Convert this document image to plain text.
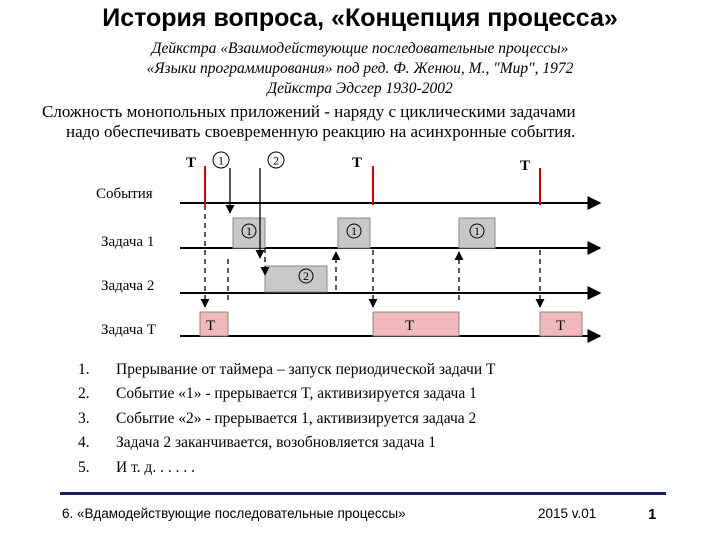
История вопроса, «Концепция процесса»
Дейкстра «Взаимодействующие последовательные процессы»
«Языки программирования» под ред. Ф. Женюи, М., "Мир", 1972
Дейкстра Эдсгер 1930-2002
Сложность монопольных приложений - наряду с циклическими задачами
надо обеспечивать своевременную реакцию на асинхронные события.
События
Задача 1
Задача 2
Задача T	T	T	T
1	1	1
2
T 1	2	T	T
1. Прерывание от таймера – запуск периодической задачи T
2. Событие «1» - прерывается T, активизируется задача 1
3. Событие «2» - прерывается 1, активизируется задача 2
4. Задача 2 заканчивается, возобновляется задача 1
5. И т. д. . . . . .
6. «Вдамодействующие последовательные процессы»	2015 v.01	1
